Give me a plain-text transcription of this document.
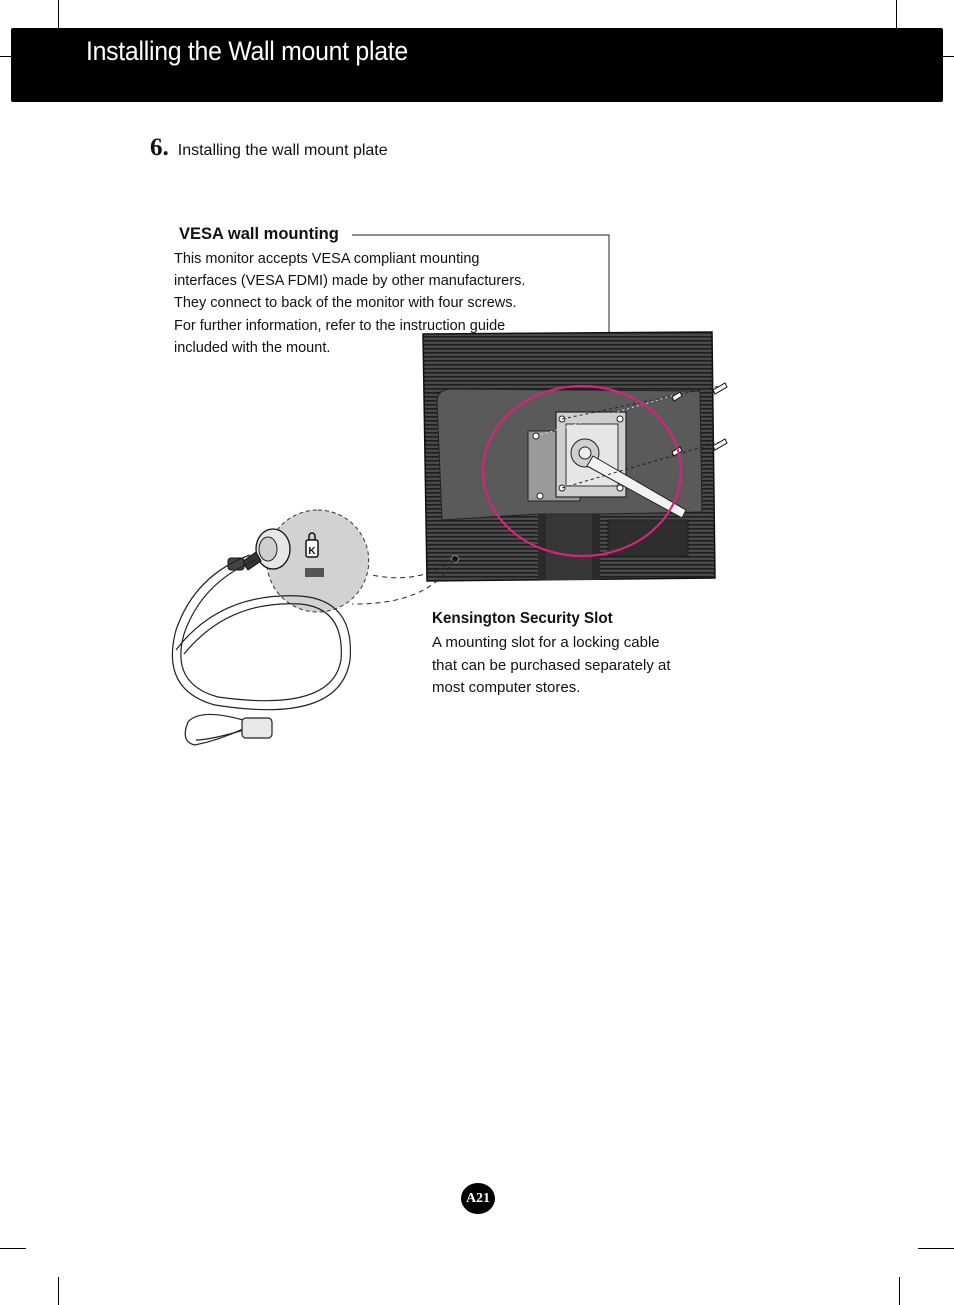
Installing the Wall mount plate
6. Installing the wall mount plate
K
VESA wall mounting
This monitor accepts VESA compliant mounting
interfaces (VESA FDMI) made by other manufacturers.
They connect to back of the monitor with four screws.
For further information, refer to the instruction guide
included with the mount.
Kensington Security Slot
A mounting slot for a locking cable
that can be purchased separately at
most computer stores.
A21
